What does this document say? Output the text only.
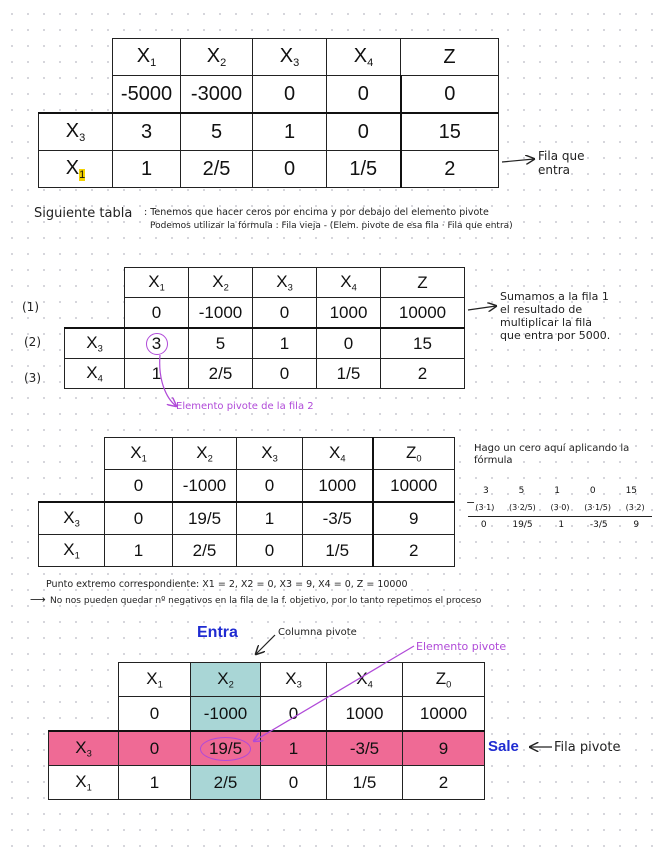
	$X_1$	$X_2$	$X_3$	$X_4$	Z
	-5000	-3000	0	0	0
$X_3$	3	5	1	0	15
$X_1$	1	2/5	0	1/5	2
Fila que entra
Siguiente tabla : Tenemos que hacer ceros por encima y por debajo del elemento pivote
Podemos utilizar la fórmula : Fila vieja - (Elem. pivote de esa fila · Fila que entra)
(1)
(2)
(3)
	$X_1$	$X_2$	$X_3$	$X_4$	Z
	0	-1000	0	1000	10000
$X_3$	3	5	1	0	15
$X_4$	1	2/5	0	1/5	2
Sumamos a la fila 1 el resultado de multiplicar la fila que entra por 5000.
Elemento pivote de la fila 2
	$X_1$	$X_2$	$X_3$	$X_4$	$Z_0$
	0	-1000	0	1000	10000
$X_3$	0	19/5	1	-3/5	9
$X_1$	1	2/5	0	1/5	2
Hago un cero aquí aplicando la fórmula
−
3	5	1	0	15
(3·1) (3·2/5) (3·0) (3·1/5) (3·2)
0	19/5	1	-3/5	9
Punto extremo correspondiente: X1 = 2, X2 = 0, X3 = 9, X4 = 0, Z = 10000
⟶ No nos pueden quedar nº negativos en la fila de la f. objetivo, por lo tanto repetimos el proceso
Entra	Columna pivote
Elemento pivote
	$X_1$	$X_2$	$X_3$	$X_4$	$Z_0$
	0	-1000	0	1000	10000
$X_3$	0	19/5	1	-3/5	9
$X_1$	1	2/5	0	1/5	2
Sale	Fila pivote
